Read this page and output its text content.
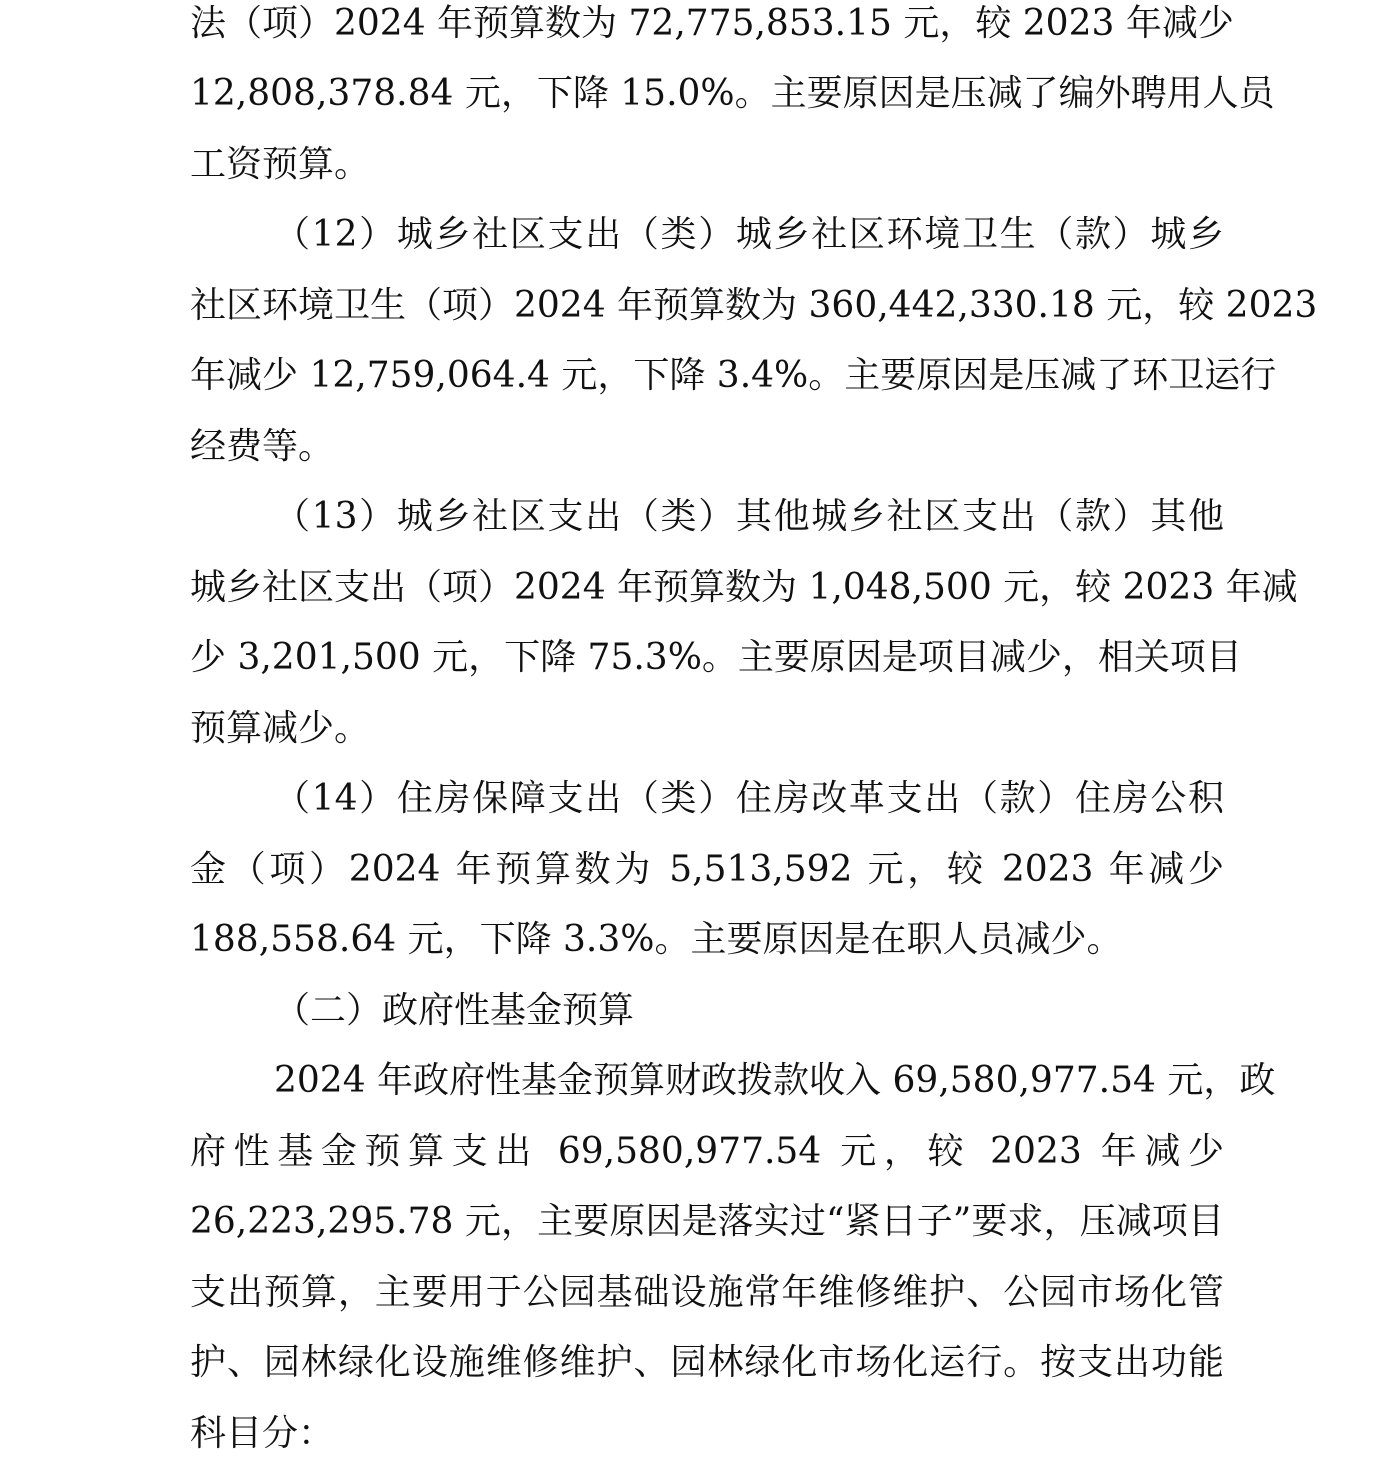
法（项）2024 年预算数为 72,775,853.15 元，较 2023 年减少
12,808,378.84 元，下降 15.0%。主要原因是压减了编外聘用人员
工资预算。
（12）城乡社区支出（类）城乡社区环境卫生（款）城乡
社区环境卫生（项）2024 年预算数为 360,442,330.18 元，较 2023
年减少 12,759,064.4 元，下降 3.4%。主要原因是压减了环卫运行
经费等。
（13）城乡社区支出（类）其他城乡社区支出（款）其他
城乡社区支出（项）2024 年预算数为 1,048,500 元，较 2023 年减
少 3,201,500 元，下降 75.3%。主要原因是项目减少，相关项目
预算减少。
（14）住房保障支出（类）住房改革支出（款）住房公积
金（项）2024 年预算数为 5,513,592 元，较 2023 年减少
188,558.64 元，下降 3.3%。主要原因是在职人员减少。
（二）政府性基金预算
2024 年政府性基金预算财政拨款收入 69,580,977.54 元，政
府性基金预算支出 69,580,977.54 元，较 2023 年减少
26,223,295.78 元，主要原因是落实过“紧日子”要求，压减项目
支出预算，主要用于公园基础设施常年维修维护、公园市场化管
护、园林绿化设施维修维护、园林绿化市场化运行。按支出功能
科目分：
